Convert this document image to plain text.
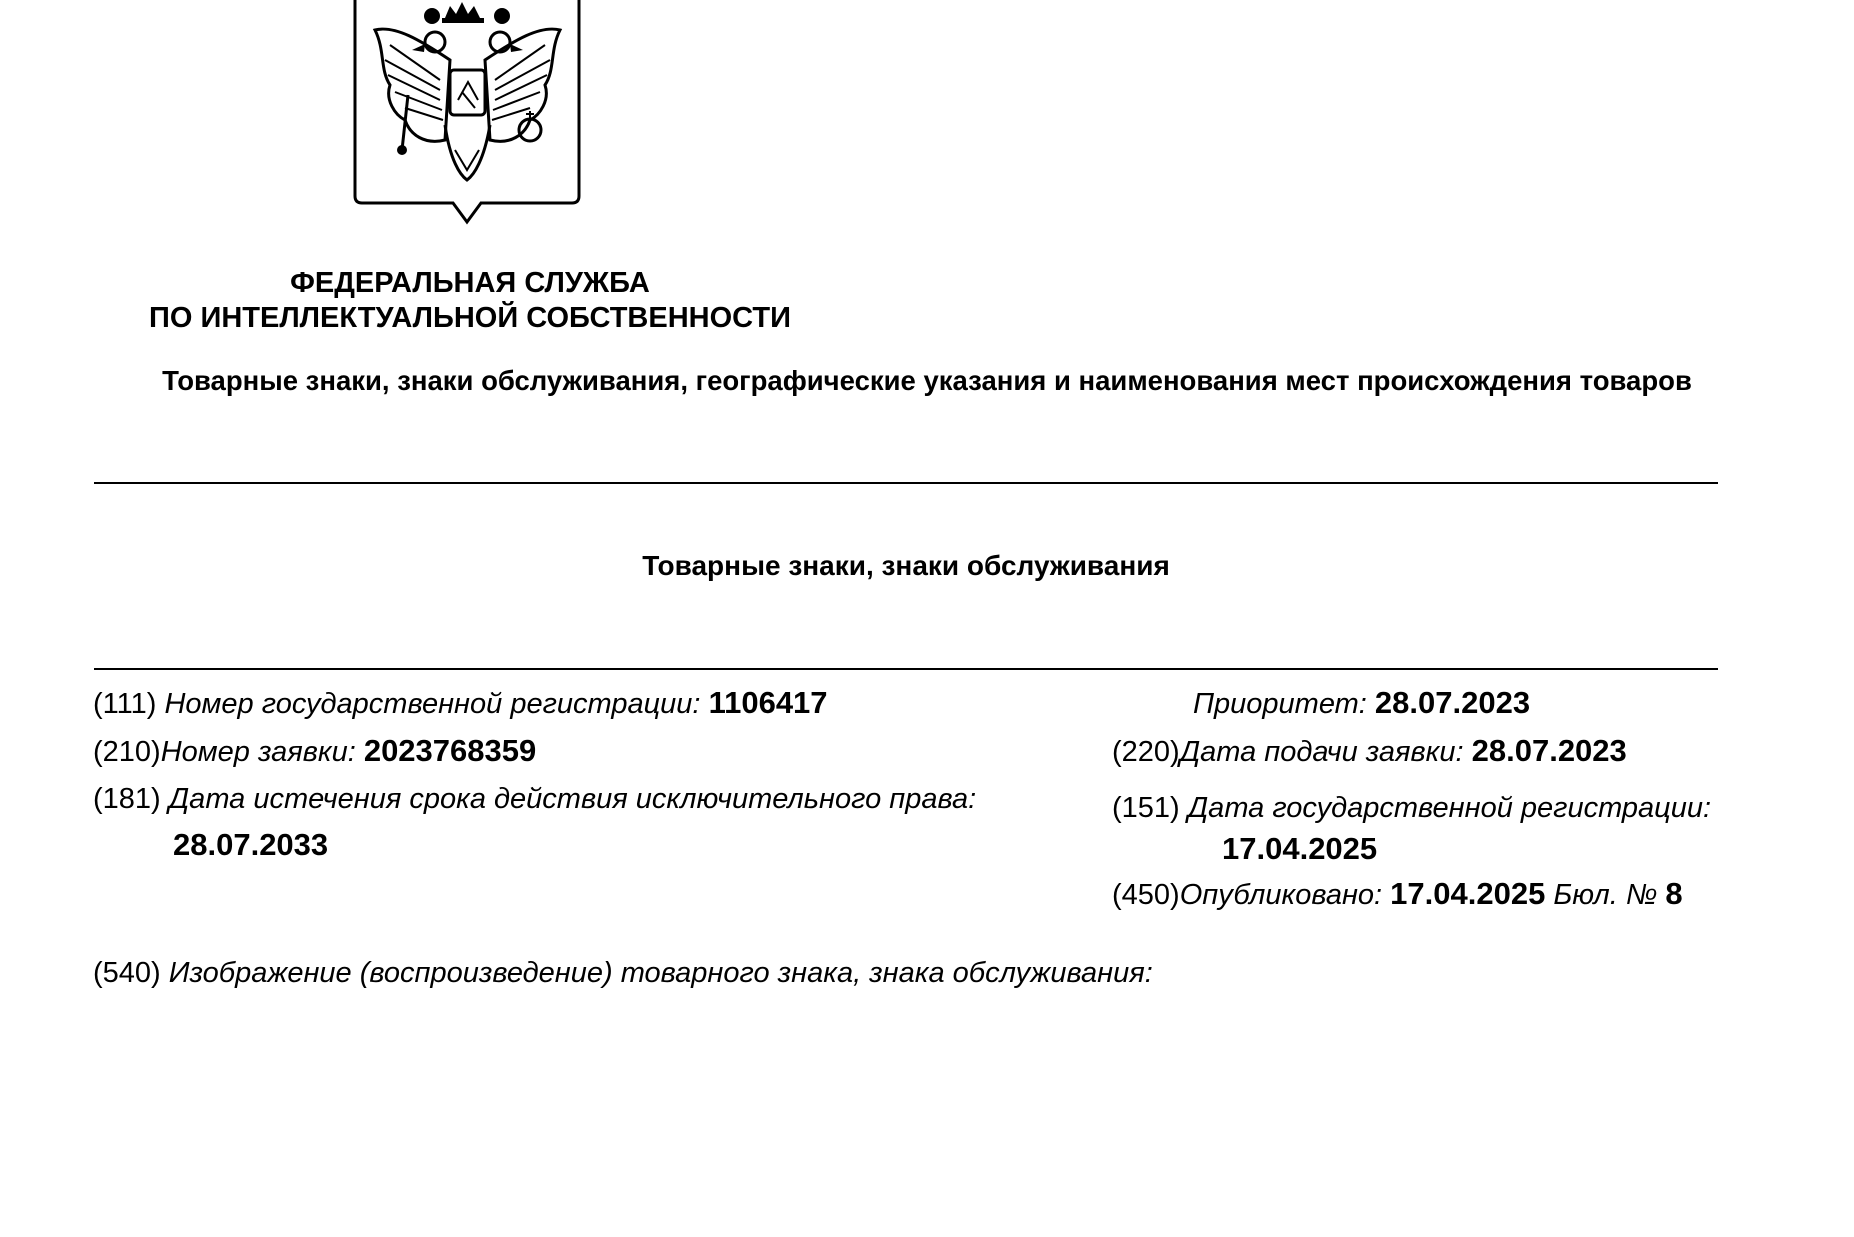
ФЕДЕРАЛЬНАЯ СЛУЖБА
ПО ИНТЕЛЛЕКТУАЛЬНОЙ СОБСТВЕННОСТИ
Товарные знаки, знаки обслуживания, географические указания и наименования мест происхождения товаров
Товарные знаки, знаки обслуживания
(111) Номер государственной регистрации: 1106417	Приоритет: 28.07.2023
(210)Номер заявки: 2023768359	(220)Дата подачи заявки: 28.07.2023
(181) Дата истечения срока действия исключительного права:
28.07.2033
(151) Дата государственной регистрации:
17.04.2025
(450)Опубликовано: 17.04.2025 Бюл. № 8
(540) Изображение (воспроизведение) товарного знака, знака обслуживания:
